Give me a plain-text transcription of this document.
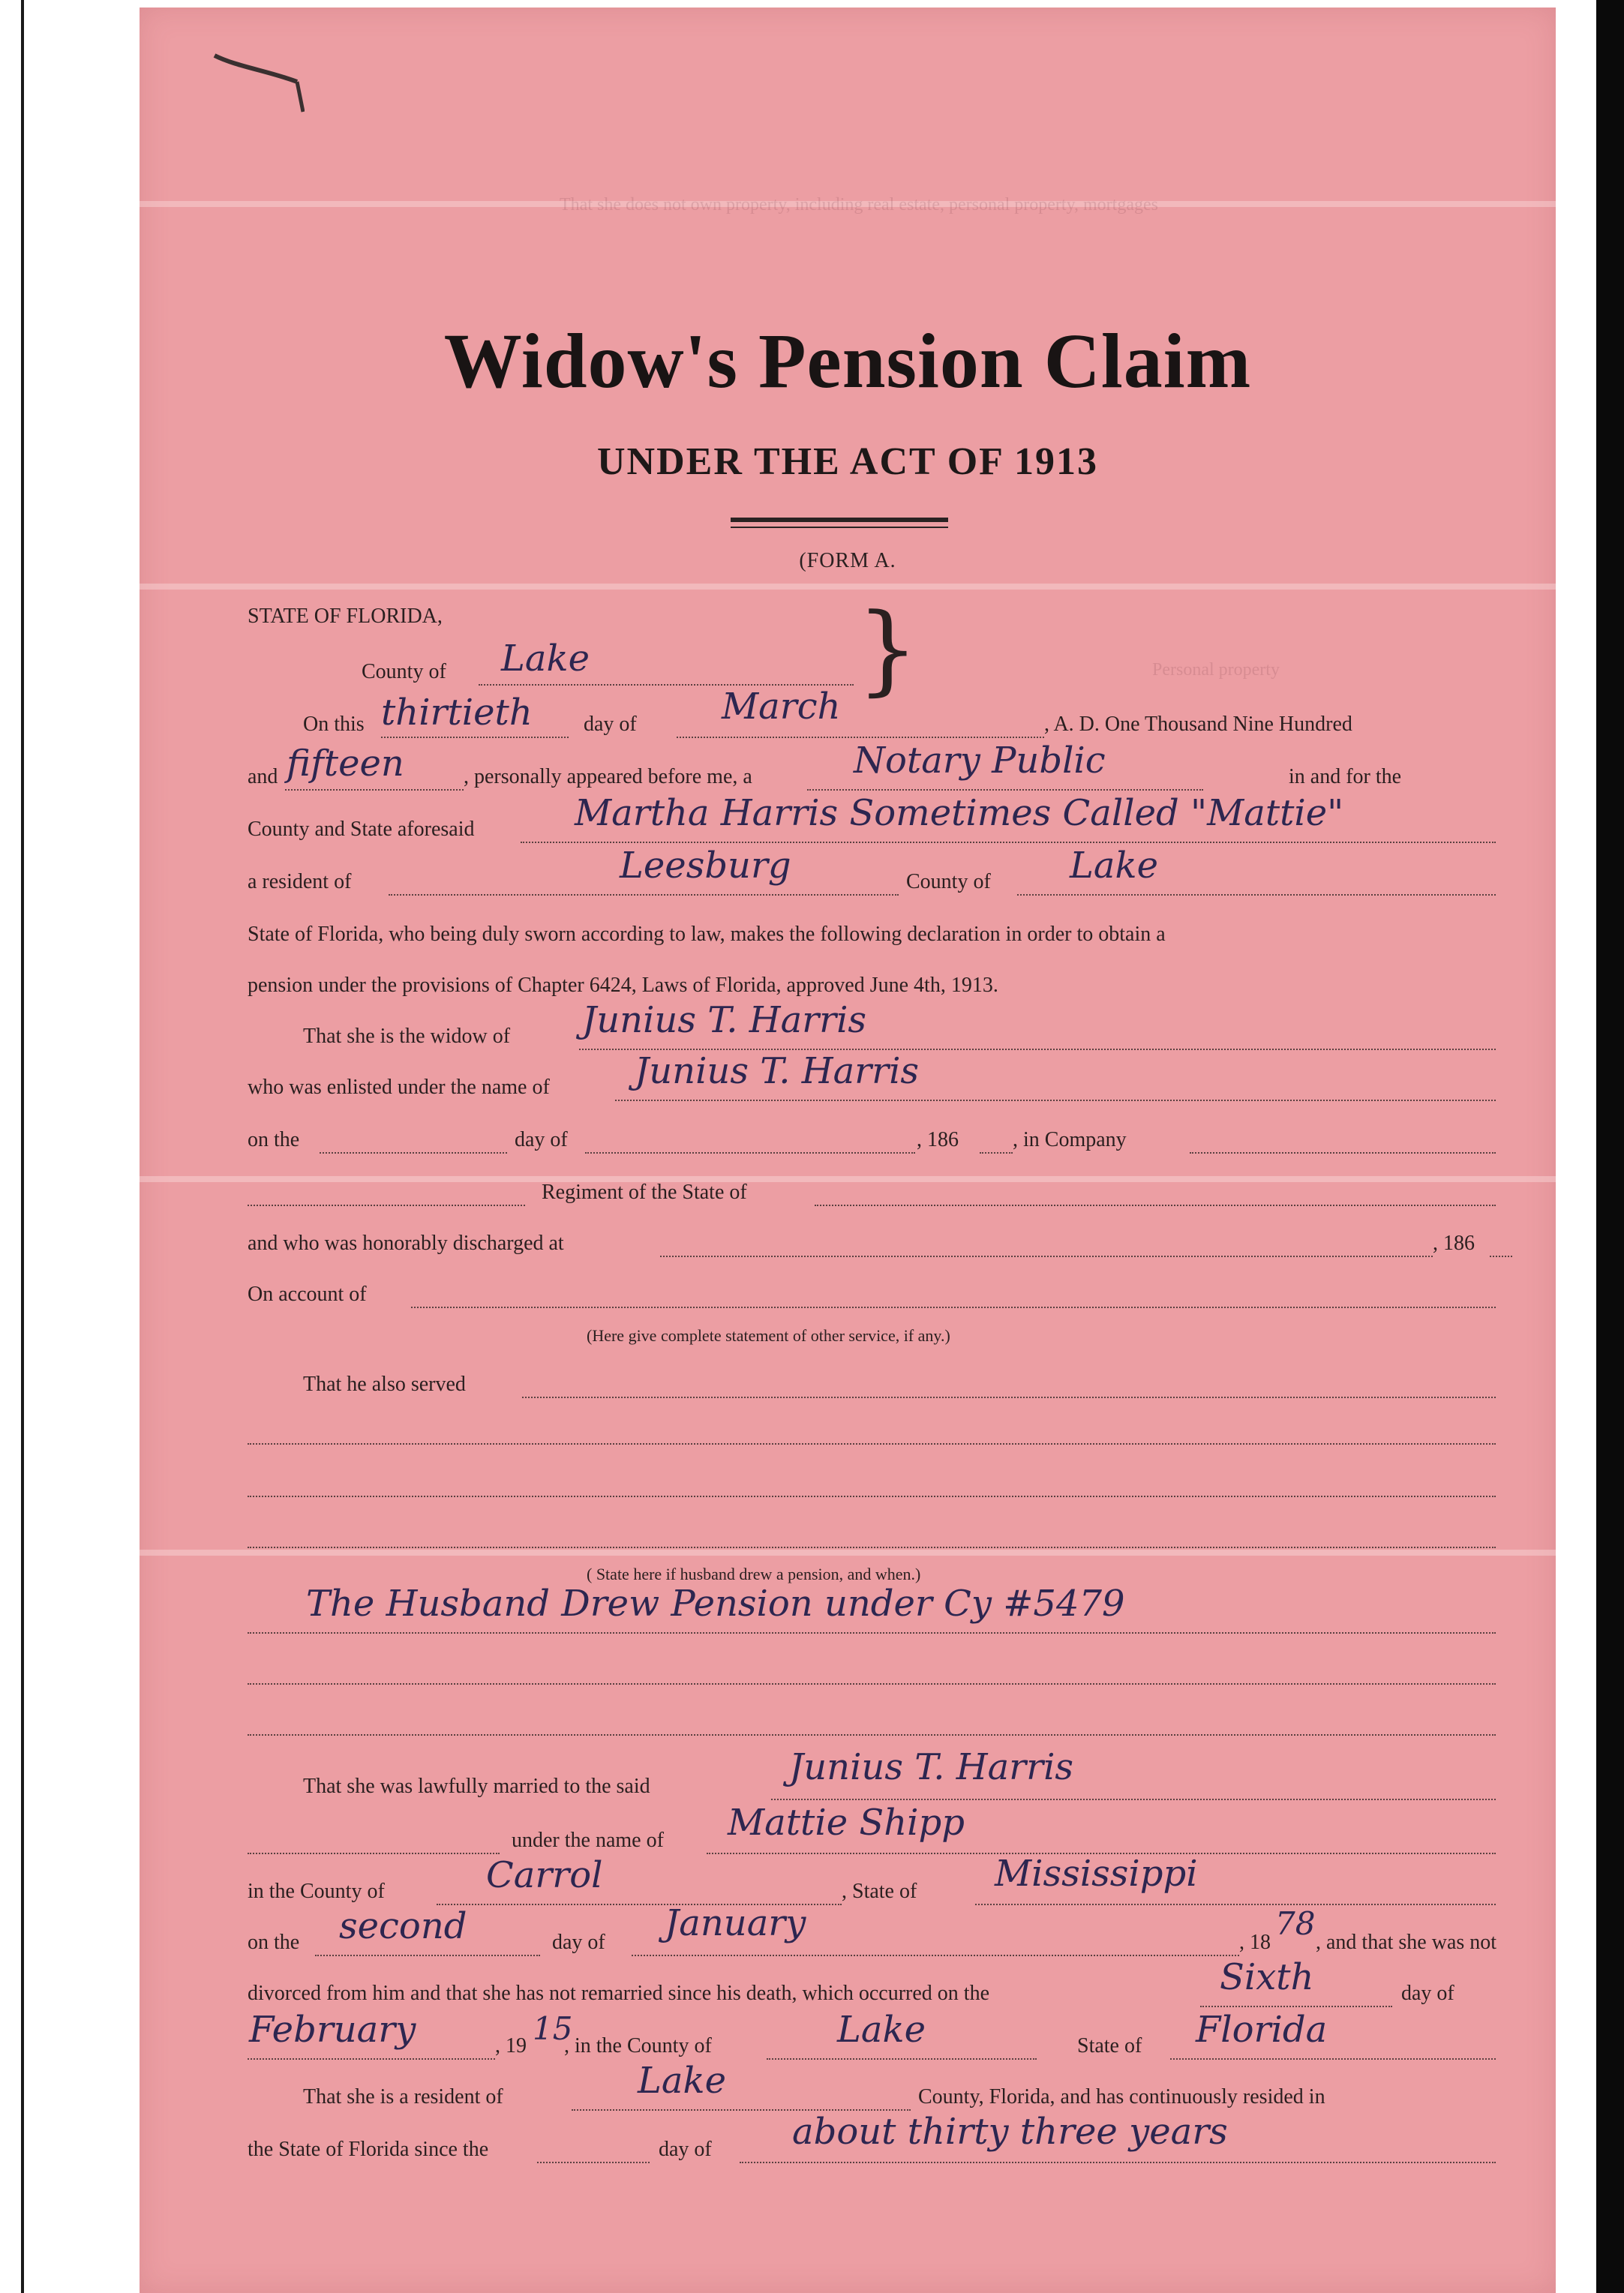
That she does not own property, including real estate, personal property, mortgages
Personal property
Widow's Pension Claim
UNDER THE ACT OF 1913
(FORM A.
STATE OF FLORIDA,	}
County of Lake
On this thirtieth day of March	, A. D. One Thousand Nine Hundred
and fifteen	, personally appeared before me, a	Notary Public	in and for the
County and State aforesaid	Martha Harris Sometimes Called "Mattie"
a resident of	Leesburg	County of Lake
State of Florida, who being duly sworn according to law, makes the following declaration in order to obtain a
pension under the provisions of Chapter 6424, Laws of Florida, approved June 4th, 1913.
That she is the widow of Junius T. Harris
who was enlisted under the name of Junius T. Harris
on the	day of	, 186	, in Company
Regiment of the State of
and who was honorably discharged at	, 186
On account of
(Here give complete statement of other service, if any.)
That he also served
( State here if husband drew a pension, and when.)
The Husband Drew Pension under Cy #5479
That she was lawfully married to the said	Junius T. Harris
under the name of Mattie Shipp
in the County of	Carrol	, State of Mississippi
on the second	day of January	, 18
78
, and that she was not
divorced from him and that she has not remarried since his death, which occurred on the	Sixth	day of
February	, 19 15
, in the County of	Lake	State of Florida
That she is a resident of	Lake	County, Florida, and has continuously resided in
the State of Florida since the	day of about thirty three years
